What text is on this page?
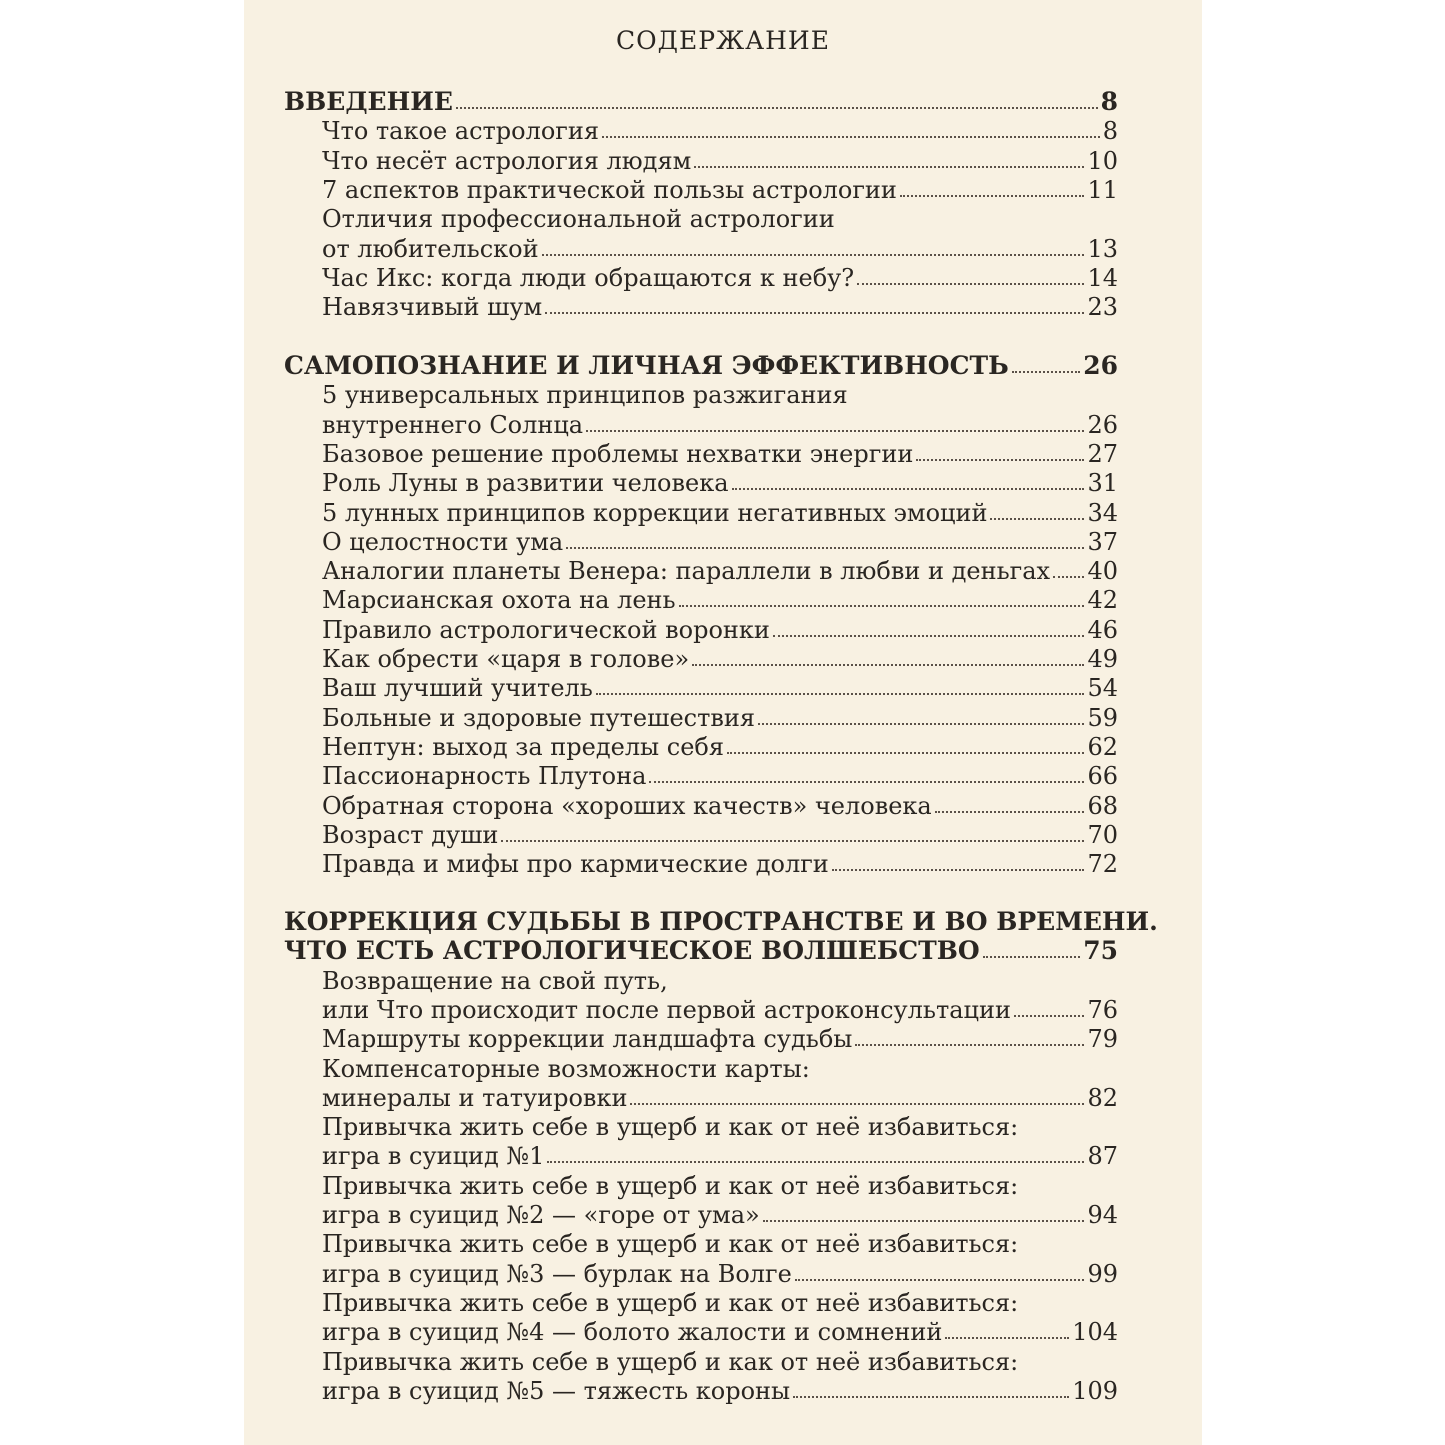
СОДЕРЖАНИЕ
ВВЕДЕНИЕ	8
Что такое астрология	8
Что несёт астрология людям	10
7 аспектов практической пользы астрологии	11
Отличия профессиональной астрологии
от любительской	13
Час Икс: когда люди обращаются к небу?	14
Навязчивый шум	23
САМОПОЗНАНИЕ И ЛИЧНАЯ ЭФФЕКТИВНОСТЬ	26
5 универсальных принципов разжигания
внутреннего Солнца	26
Базовое решение проблемы нехватки энергии	27
Роль Луны в развитии человека	31
5 лунных принципов коррекции негативных эмоций	34
О целостности ума	37
Аналогии планеты Венера: параллели в любви и деньгах 40
Марсианская охота на лень	42
Правило астрологической воронки	46
Как обрести «царя в голове»	49
Ваш лучший учитель	54
Больные и здоровые путешествия	59
Нептун: выход за пределы себя	62
Пассионарность Плутона	66
Обратная сторона «хороших качеств» человека	68
Возраст души	70
Правда и мифы про кармические долги	72
КОРРЕКЦИЯ СУДЬБЫ В ПРОСТРАНСТВЕ И ВО ВРЕМЕНИ.
ЧТО ЕСТЬ АСТРОЛОГИЧЕСКОЕ ВОЛШЕБСТВО	75
Возвращение на свой путь,
или Что происходит после первой астроконсультации	76
Маршруты коррекции ландшафта судьбы	79
Компенсаторные возможности карты:
минералы и татуировки	82
Привычка жить себе в ущерб и как от неё избавиться:
игра в суицид №1	87
Привычка жить себе в ущерб и как от неё избавиться:
игра в суицид №2 — «горе от ума»	94
Привычка жить себе в ущерб и как от неё избавиться:
игра в суицид №3 — бурлак на Волге	99
Привычка жить себе в ущерб и как от неё избавиться:
игра в суицид №4 — болото жалости и сомнений	104
Привычка жить себе в ущерб и как от неё избавиться:
игра в суицид №5 — тяжесть короны	109
